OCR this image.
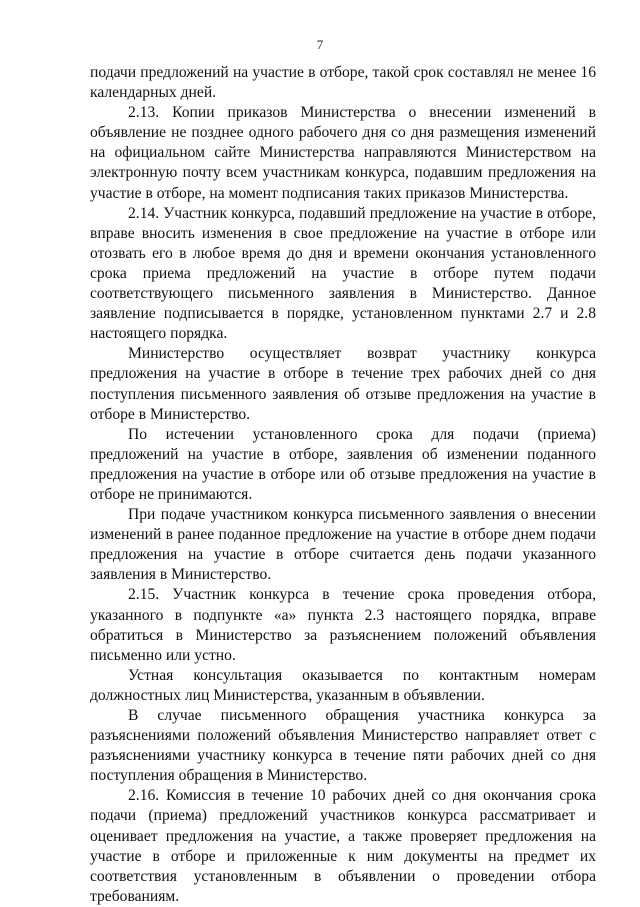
7

подачи предложений на участие в отборе, такой срок составлял не менее 16 календарных дней.

2.13. Копии приказов Министерства о внесении изменений в объявление не позднее одного рабочего дня со дня размещения изменений на официальном сайте Министерства направляются Министерством на электронную почту всем участникам конкурса, подавшим предложения на участие в отборе, на момент подписания таких приказов Министерства.

2.14. Участник конкурса, подавший предложение на участие в отборе, вправе вносить изменения в свое предложение на участие в отборе или отозвать его в любое время до дня и времени окончания установленного срока приема предложений на участие в отборе путем подачи соответствующего письменного заявления в Министерство. Данное заявление подписывается в порядке, установленном пунктами 2.7 и 2.8 настоящего порядка.

Министерство осуществляет возврат участнику конкурса предложения на участие в отборе в течение трех рабочих дней со дня поступления письменного заявления об отзыве предложения на участие в отборе в Министерство.

По истечении установленного срока для подачи (приема) предложений на участие в отборе, заявления об изменении поданного предложения на участие в отборе или об отзыве предложения на участие в отборе не принимаются.

При подаче участником конкурса письменного заявления о внесении изменений в ранее поданное предложение на участие в отборе днем подачи предложения на участие в отборе считается день подачи указанного заявления в Министерство.

2.15. Участник конкурса в течение срока проведения отбора, указанного в подпункте «а» пункта 2.3 настоящего порядка, вправе обратиться в Министерство за разъяснением положений объявления письменно или устно.

Устная консультация оказывается по контактным номерам должностных лиц Министерства, указанным в объявлении.

В случае письменного обращения участника конкурса за разъяснениями положений объявления Министерство направляет ответ с разъяснениями участнику конкурса в течение пяти рабочих дней со дня поступления обращения в Министерство.

2.16. Комиссия в течение 10 рабочих дней со дня окончания срока подачи (приема) предложений участников конкурса рассматривает и оценивает предложения на участие, а также проверяет предложения на участие в отборе и приложенные к ним документы на предмет их соответствия установленным в объявлении о проведении отбора требованиям.
